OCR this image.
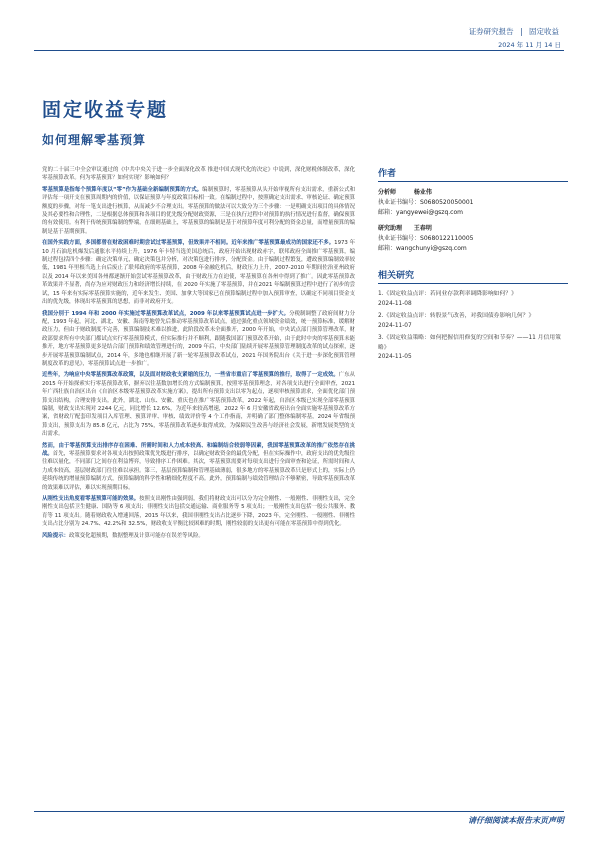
证券研究报告 | 固定收益
2024 年 11 月 14 日
固定收益专题
如何理解零基预算

党的二十届三中全会审议通过的《中共中央关于进一步全面深化改革 推进中国式现代化的决定》中说到，深化财税体制改革，深化零基预算改革。何为零基预算？如何实现？影响如何？

零基预算是指每个预算年度以“零”作为基础全新编制预算的方式。编制预算时，零基预算从头开始审视所有支出需求，重新公式和评估每一项开支在预算周期内的价值，以保证预算与年度政策目标相一致。在编制过程中，按照确定支出需求、审核论证、确定预算额度的步骤，对每一笔支出进行核算，从而减少不合理支出。零基预算的做法可以大致分为三个步骤：一是明确支出项目的具体情况及其必要性和合理性，二是根据总体预算和各项目的优先级分配财政资源，三是在执行过程中对预算的执行情况进行监督，确保预算的有效使用。有利于传统预算编制的弊端，在细则基础上，零基预算的编制是基于对预算年度可利分配的资金总量，而增量预算的编制是基于基期预算。

在国外实践方面，多国都曾在财政困难时期尝试过零基预算，但效果并不相同。近年来推广零基预算最成功的国家还不多。1973 年 10 月石油危机爆发后通胀水平持续上升，1976 年卡特当选美国总统后，政府开始出现财政赤字，联邦政府全面推广零基预算，编制过程包括四个步骤：确定决策单元，确定决策包并分析，对决策包进行排序，分配资金。由于编制过程繁复，遭政预算编制效率较低，1981 年里根当选上台后废止了联邦政府的零基预算，2008 年金融危机后，财政压力上升，2007-2010 年期间佐治亚州政府以及 2014 年以来美国各州都逐渐开始尝试零基预算改革，由于财政压力在迫使，零基预算在各州中得到了推广。因此零基预算改革效果并不显著，尚存为应对财政压力和经济增长持续，在 2020 年实施了零基预算，并在2021 年编制预算过程中进行了初步的尝试，15 年来有实际零基预算实施的，近年来发生、美国、加拿大等国家已在预算编制过程中加入预算审查，以确定不同项目资金支出的优先级，体现出零基预算的思想，而非对政府开支。

我国分别于 1994 年和 2000 年实施过零基预算改革试点，2009 年以来零基预算试点进一步扩大。分税制调整了政府间财力分配，1993 年起，河北、湖北、安徽、海南等地曾先后推动零基预算改革试点，通过强化重点领域资金绩效，统一预算标准，缓解财政压力，但由于财政制度不完善，预算编制技术难以推进，此阶段改革未全面推开，2000 年开始，中央试点部门预算管理改革，财政部要求所有中央部门都试点实行零基预算模式，但实际推行并不顺利，跟随我国部门预算改革开始，由于此时中央的零基预算未能推开，地方零基预算更多是结合部门预算和绩效管理进行的，2009 年后，中央部门陆续开展零基预算管理制度改革的试点探索，逐步开展零基预算编制试点，2014 年，多地也相继开展了新一轮零基预算改革试点，2021 年国务院出台《关于进一步深化预算管理制度改革的意见》，零基预算试点进一步推广。

近些年，为响应中央零基预算改革政策，以及面对财政收支紧缩的压力，一些省市重启了零基预算的推行，取得了一定成效。广东从 2015 年开始探索实行零基预算改革，摒弃以往基数加增长的方式编制预算，按照零基预算理念，对各项支出进行全面审查，2021 年广西壮族自治区出台《自治区本级零基预算改革实施方案》，提出所有预算支出以零为起点，逐项审核预算需求，全面优化部门预算支出结构，合理安排支出。此外，湖北、山东、安徽、重庆也在推广零基预算改革，2022 年起，自治区本级已实现全部零基预算编制，财政支出实现对 2244 亿元，同比增长 12.6%，为近年来较高增速，2022 年 6 月安徽省政府出台全面实施零基预算改革方案，省财政厅配套印发项目入库管理、预算评审、审核、绩效评价等 4 个工作指南，并明确了部门整体编制零基，2024 年省级预算支出，预算支出为 85.8 亿元，占比为 75%，零基预算改革逐步取得成效，为保障民生改善与经济社会发展，新增发展类型的支出需求。

然而，由于零基预算支出排序存在困难、所需时间和人力成本较高、和编制结合较弱等因素，我国零基预算改革的推广依然存在挑战。首先，零基预算要求对各项支出按照政策优先级进行排序，以确定财政资金的最优分配，但在实际操作中，政府支出的优先级往往难以量化，不同部门之间存在利益博弈，导致排序工作困难。其次，零基预算需要对每项支出进行全面审查和论证，所需时间和人力成本较高，基层财政部门往往难以承担。第三，基层预算编制和管理基础薄弱，很多地方的零基预算改革只是形式上的，实际上仍延续传统的增量预算编制方式，预算编制的科学性和精细化程度不高。此外，预算编制与绩效管理结合不够紧密，导致零基预算改革的效果难以评估，难以实现预期目标。

从刚性支出角度看零基预算可能的效果。按照支出刚性由强到弱，我们将财政支出可以分为完全刚性、一般刚性、非刚性支出，完全刚性支出包括卫生健康、国防等 6 项支出；非刚性支出包括交通运输、商业服务等 5 项支出；一般刚性支出包括一般公共服务、教育等 11 项支出。随着财政收入增速回落，2015 年以来，我国非刚性支出占比逐步下降，2023 年，完全刚性、一般刚性、非刚性支出占比分别为 24.7%、42.2%和 32.5%，财政收支平衡比较困难的时期，刚性较弱的支出更有可能在零基预算中得到优化。

风险提示：政策变化超预期，数据整理及计算可能存在误差等风险。

作者
分析师	杨业伟
执业证书编号：S0680520050001
邮箱：yangyewei@gszq.com
研究助理 王春明
执业证书编号：S0680122110005
邮箱：wangchunyi@gszq.com
相关研究
1.《固定收益点评：若同业存款利率调降影响如何？》
2024-11-08
2.《固定收益点评：转股景气改善，对我国债券影响几何？》
2024-11-07
3.《固定收益策略：如何把握信用修复的空间和节奏？——11 月信用策略》
2024-11-05
请仔细阅读本报告末页声明
